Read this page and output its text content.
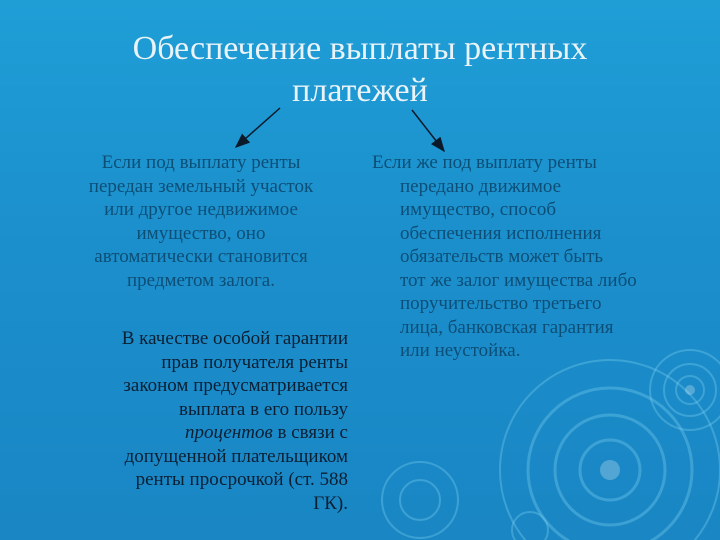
Обеспечение выплаты рентных
платежей
Если под выплату ренты
передан земельный участок
или другое недвижимое
имущество, оно
автоматически становится
предметом залога.
В качестве особой гарантии
прав получателя ренты
законом предусматривается
выплата в его пользу
процентов в связи с
допущенной плательщиком
ренты просрочкой (ст. 588
ГК).
Если же под выплату ренты
передано движимое
имущество, способ
обеспечения исполнения
обязательств может быть
тот же залог имущества либо
поручительство третьего
лица, банковская гарантия
или неустойка.
